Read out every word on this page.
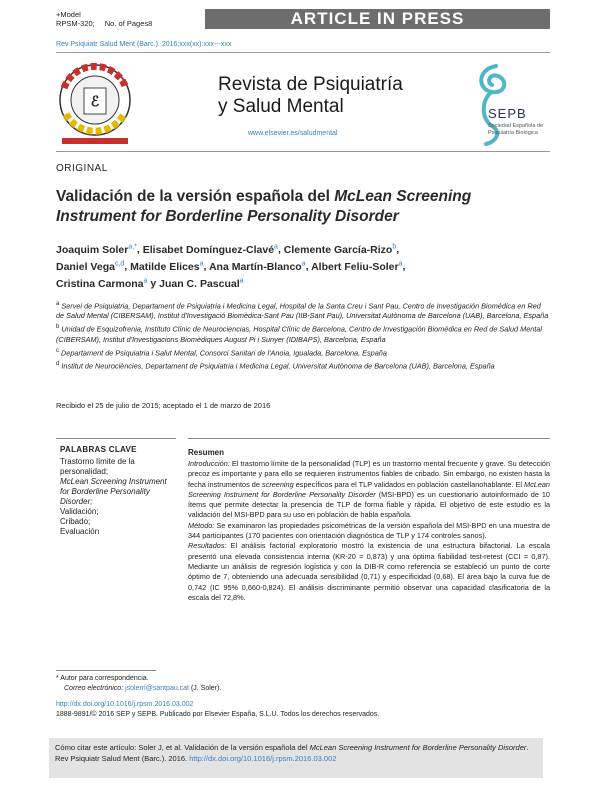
+Model
RPSM-320; No. of Pages8	ARTICLE IN PRESS
Rev Psiquiatr Salud Ment (Barc.). 2016;xxx(xx):xxx---xxx
ℰ
Revista de Psiquiatría
y Salud Mental
www.elsevier.es/saludmental
SEPB
Sociedad Española de Psiquiatría Biológica
ORIGINAL
Validación de la versión española del McLean Screening Instrument for Borderline Personality Disorder
Joaquim Soler$^{a,*}$, Elisabet Domínguez-Clavé$^a$, Clemente García-Rizo$^b$,
Daniel Vega$^{c,d}$, Matilde Elices$^a$, Ana Martín-Blanco$^a$, Albert Feliu-Soler$^a$,
Cristina Carmona$^a$ y Juan C. Pascual$^a$

$^a$ Servei de Psiquiatria, Departament de Psiquiatria i Medicina Legal, Hospital de la Santa Creu i Sant Pau, Centro de Investigación Biomédica en Red de Salud Mental (CIBERSAM), Institut d'Investigació Biomèdica-Sant Pau (IIB-Sant Pau), Universitat Autònoma de Barcelona (UAB), Barcelona, España

$^b$ Unidad de Esquizofrenia, Instituto Clínic de Neurociencias, Hospital Clínic de Barcelona, Centro de Investigación Biomédica en Red de Salud Mental (CIBERSAM), Institut d'Investigacions Biomèdiques August Pi i Sunyer (IDIBAPS), Barcelona, España

$^c$ Departament de Psiquiatria i Salut Mental, Consorci Sanitari de l'Anoia, Igualada, Barcelona, España

$^d$ Institut de Neurociències, Departament de Psiquiatria i Medicina Legal, Universitat Autònoma de Barcelona (UAB), Barcelona, España

Recibido el 25 de julio de 2015; aceptado el 1 de marzo de 2016
PALABRAS CLAVE
Trastorno límite de la personalidad;
McLean Screening Instrument for Borderline Personality Disorder;
Validación;
Cribado;
Evaluación
Resumen

Introducción: El trastorno límite de la personalidad (TLP) es un trastorno mental frecuente y grave. Su detección precoz es importante y para ello se requieren instrumentos fiables de cribado. Sin embargo, no existen hasta la fecha instrumentos de screening específicos para el TLP validados en población castellanohablante. El McLean Screening Instrument for Borderline Personality Disorder (MSI-BPD) es un cuestionario autoinformado de 10 ítems que permite detectar la presencia de TLP de forma fiable y rápida. El objetivo de este estudio es la validación del MSI-BPD para su uso en población de habla española.

Método: Se examinaron las propiedades psicométricas de la versión española del MSI-BPD en una muestra de 344 participantes (170 pacientes con orientación diagnóstica de TLP y 174 controles sanos).

Resultados: El análisis factorial exploratorio mostró la existencia de una estructura bifactorial. La escala presentó una elevada consistencia interna (KR-20 = 0,873) y una óptima fiabilidad test-retest (CCI = 0,87). Mediante un análisis de regresión logística y con la DIB-R como referencia se estableció un punto de corte óptimo de 7, obteniendo una adecuada sensibilidad (0,71) y especificidad (0,68). El área bajo la curva fue de 0,742 (IC 95% 0,660-0,824). El análisis discriminante permitió observar una capacidad clasificatoria de la escala del 72,8%.

* Autor para correspondencia.
Correo electrónico: jsolerri@santpau.cat (J. Soler).
http://dx.doi.org/10.1016/j.rpsm.2016.03.002
1888-9891/© 2016 SEP y SEPB. Publicado por Elsevier España, S.L.U. Todos los derechos reservados.
Cómo citar este artículo: Soler J, et al. Validación de la versión española del McLean Screening Instrument for Borderline Personality Disorder. Rev Psiquiatr Salud Ment (Barc.). 2016. http://dx.doi.org/10.1016/j.rpsm.2016.03.002
